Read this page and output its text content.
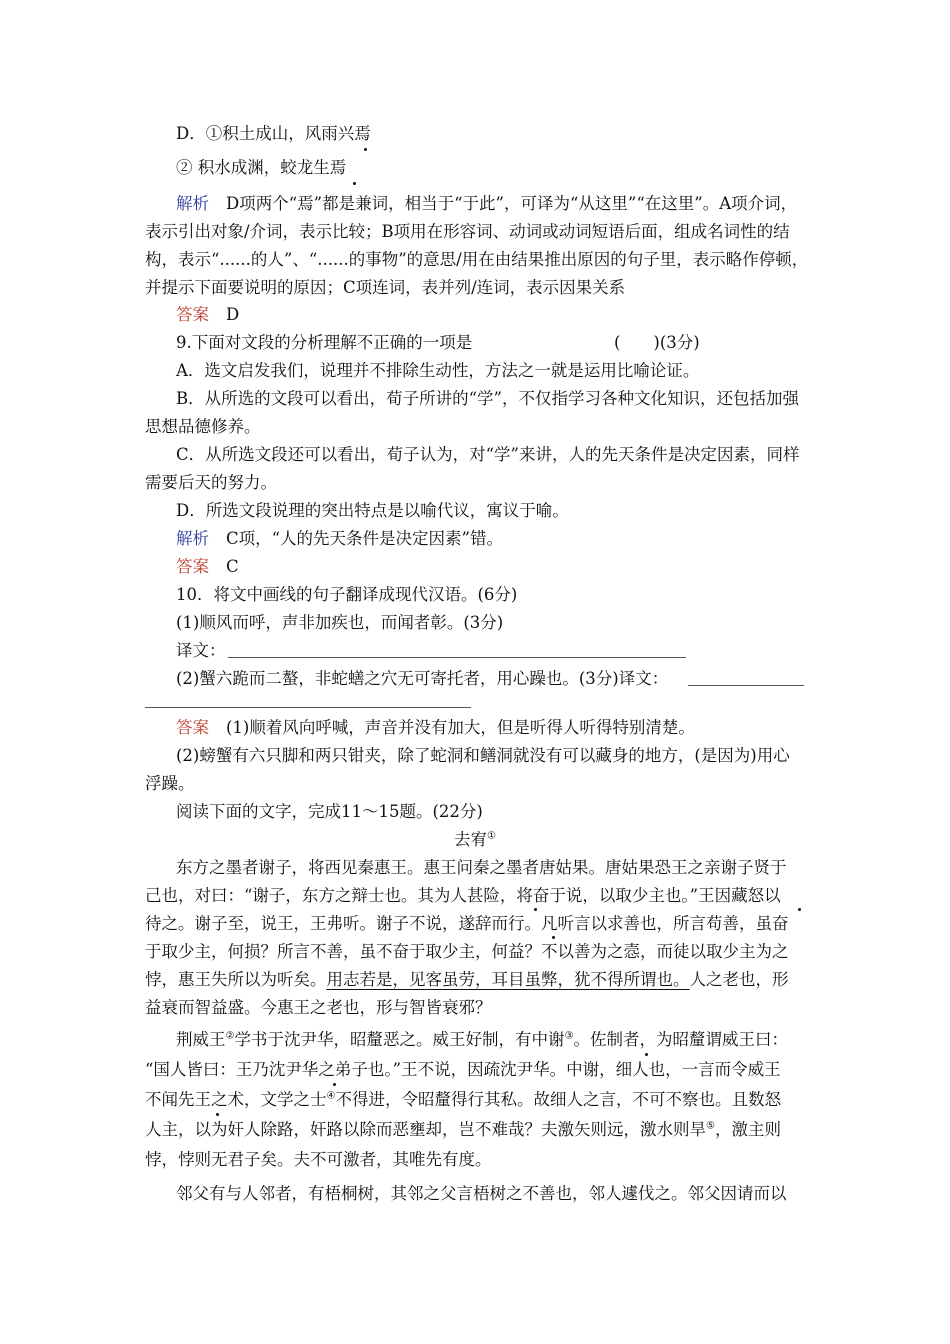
D．①积土成山，风雨兴焉
② 积水成渊，蛟龙生焉
解析 D项两个“焉”都是兼词，相当于“于此”，可译为“从这里”“在这里”。A项介词，
表示引出对象/介词，表示比较；B项用在形容词、动词或动词短语后面，组成名词性的结
构，表示“......的人”、“......的事物”的意思/用在由结果推出原因的句子里，表示略作停顿，
并提示下面要说明的原因；C项连词，表并列/连词，表示因果关系
答案 D
9.下面对文段的分析理解不正确的一项是	(　　)(3分)
A．选文启发我们，说理并不排除生动性，方法之一就是运用比喻论证。
B．从所选的文段可以看出，荀子所讲的“学”，不仅指学习各种文化知识，还包括加强
思想品德修养。
C．从所选文段还可以看出，荀子认为，对“学”来讲，人的先天条件是决定因素，同样
需要后天的努力。
D．所选文段说理的突出特点是以喻代议，寓议于喻。
解析 C项，“人的先天条件是决定因素”错。
答案 C
10．将文中画线的句子翻译成现代汉语。(6分)
(1)顺风而呼，声非加疾也，而闻者彰。(3分)
译文：
(2)蟹六跪而二螯，非蛇蟮之穴无可寄托者，用心躁也。(3分)译文：
答案 (1)顺着风向呼喊，声音并没有加大，但是听得人听得特别清楚。
(2)螃蟹有六只脚和两只钳夹，除了蛇洞和鳝洞就没有可以藏身的地方，(是因为)用心
浮躁。
阅读下面的文字，完成11～15题。(22分)
去宥①
东方之墨者谢子，将西见秦惠王。惠王问秦之墨者唐姑果。唐姑果恐王之亲谢子贤于
己也，对曰：“谢子，东方之辩士也。其为人甚险，将奋于说，以取少主也。”王因藏怒以
待之。谢子至，说王，王弗听。谢子不说，遂辞而行。凡听言以求善也，所言苟善，虽奋
于取少主，何损？所言不善，虽不奋于取少主，何益？不以善为之悫，而徒以取少主为之
悖，惠王失所以为听矣。用志若是，见客虽劳，耳目虽弊，犹不得所谓也。人之老也，形
益衰而智益盛。今惠王之老也，形与智皆衰邪？
荆威王②学书于沈尹华，昭釐恶之。威王好制，有中谢③。佐制者，为昭釐谓威王曰：
“国人皆曰：王乃沈尹华之弟子也。”王不说，因疏沈尹华。中谢，细人也，一言而令威王
不闻先王之术，文学之士④不得进，令昭釐得行其私。故细人之言，不可不察也。且数怒
人主，以为奸人除路，奸路以除而恶壅却，岂不难哉？夫激矢则远，激水则旱⑤，激主则
悖，悖则无君子矣。夫不可激者，其唯先有度。
邻父有与人邻者，有梧桐树，其邻之父言梧树之不善也，邻人遽伐之。邻父因请而以
